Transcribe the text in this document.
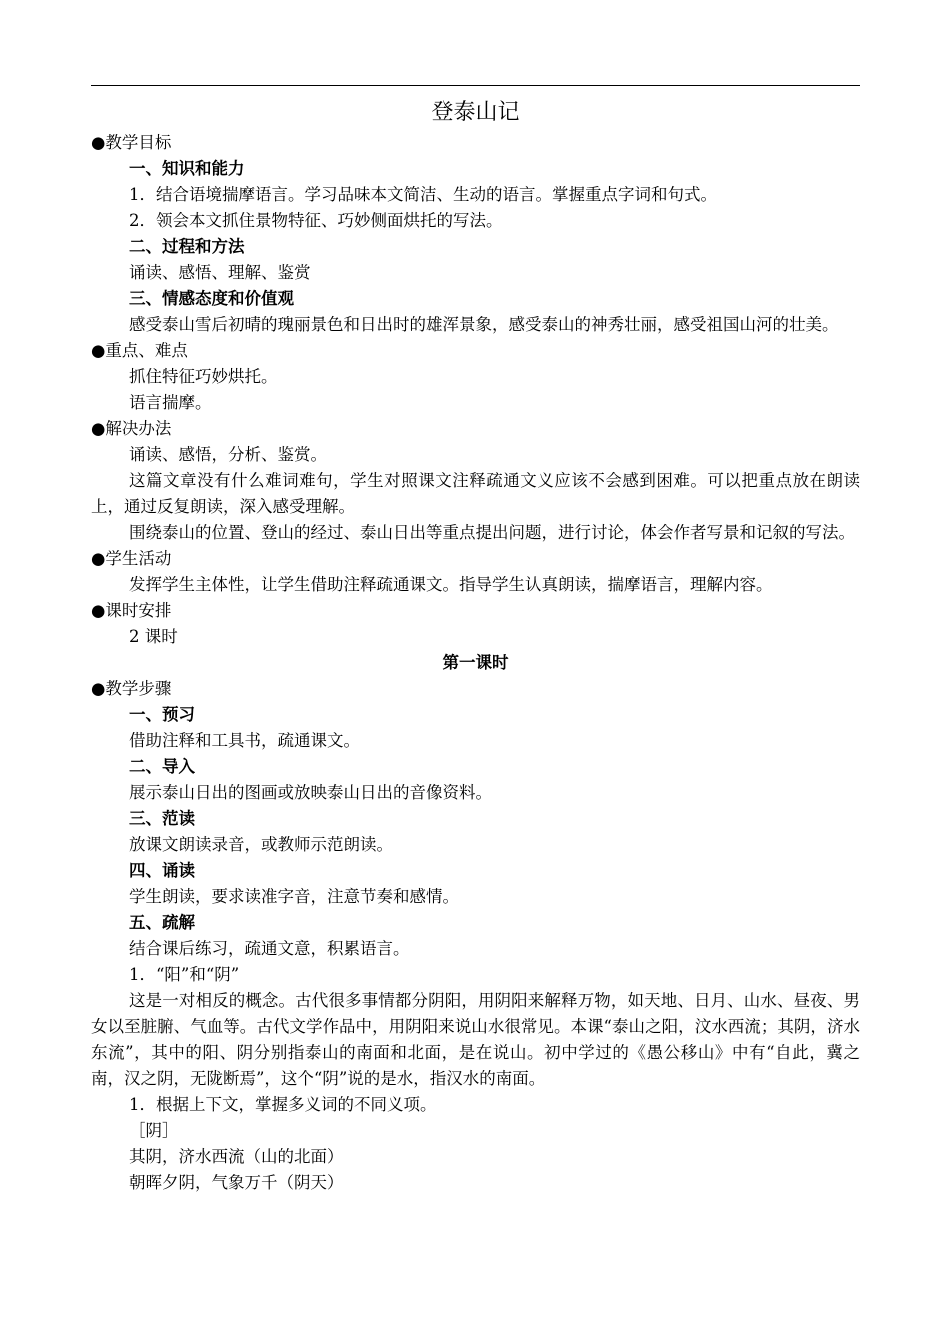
登泰山记
●教学目标
一、知识和能力
1．结合语境揣摩语言。学习品味本文简洁、生动的语言。掌握重点字词和句式。
2．领会本文抓住景物特征、巧妙侧面烘托的写法。
二、过程和方法
诵读、感悟、理解、鉴赏
三、情感态度和价值观
感受泰山雪后初晴的瑰丽景色和日出时的雄浑景象，感受泰山的神秀壮丽，感受祖国山河的壮美。
●重点、难点
抓住特征巧妙烘托。
语言揣摩。
●解决办法
诵读、感悟，分析、鉴赏。
这篇文章没有什么难词难句，学生对照课文注释疏通文义应该不会感到困难。可以把重点放在朗读上，通过反复朗读，深入感受理解。
围绕泰山的位置、登山的经过、泰山日出等重点提出问题，进行讨论，体会作者写景和记叙的写法。
●学生活动
发挥学生主体性，让学生借助注释疏通课文。指导学生认真朗读，揣摩语言，理解内容。
●课时安排
2 课时
第一课时
●教学步骤
一、预习
借助注释和工具书，疏通课文。
二、导入
展示泰山日出的图画或放映泰山日出的音像资料。
三、范读
放课文朗读录音，或教师示范朗读。
四、诵读
学生朗读，要求读准字音，注意节奏和感情。
五、疏解
结合课后练习，疏通文意，积累语言。
1．“阳”和“阴”
这是一对相反的概念。古代很多事情都分阴阳，用阴阳来解释万物，如天地、日月、山水、昼夜、男女以至脏腑、气血等。古代文学作品中，用阴阳来说山水很常见。本课“泰山之阳，汶水西流；其阴，济水东流”，其中的阳、阴分别指泰山的南面和北面，是在说山。初中学过的《愚公移山》中有“自此，冀之南，汉之阴，无陇断焉”，这个“阴”说的是水，指汉水的南面。
1．根据上下文，掌握多义词的不同义项。
［阴］
其阴，济水西流（山的北面）
朝晖夕阴，气象万千（阴天）
